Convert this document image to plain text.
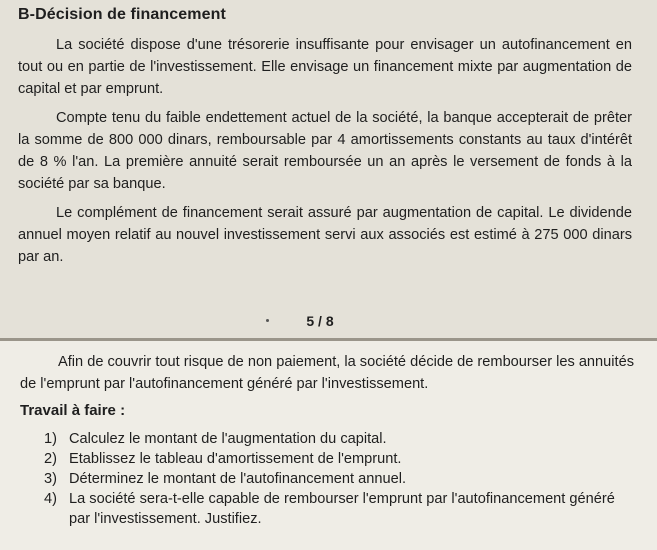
B-Décision de financement
La société dispose d'une trésorerie insuffisante pour envisager un autofinancement en tout ou en partie de l'investissement. Elle envisage un financement mixte par augmentation de capital et par emprunt.
Compte tenu du faible endettement actuel de la société, la banque accepterait de prêter la somme de 800 000 dinars, remboursable par 4 amortissements constants au taux d'intérêt de 8 % l'an. La première annuité serait remboursée un an après le versement de fonds à la société par sa banque.
Le complément de financement serait assuré par augmentation de capital. Le dividende annuel moyen relatif au nouvel investissement servi aux associés est estimé à 275 000 dinars par an.
5 / 8
Afin de couvrir tout risque de non paiement, la société décide de rembourser les annuités de l'emprunt par l'autofinancement généré par l'investissement.
Travail à faire :
1) Calculez le montant de l'augmentation du capital.
2) Etablissez le tableau d'amortissement de l'emprunt.
3) Déterminez le montant de l'autofinancement annuel.
4) La société sera-t-elle capable de rembourser l'emprunt par l'autofinancement généré par l'investissement. Justifiez.
